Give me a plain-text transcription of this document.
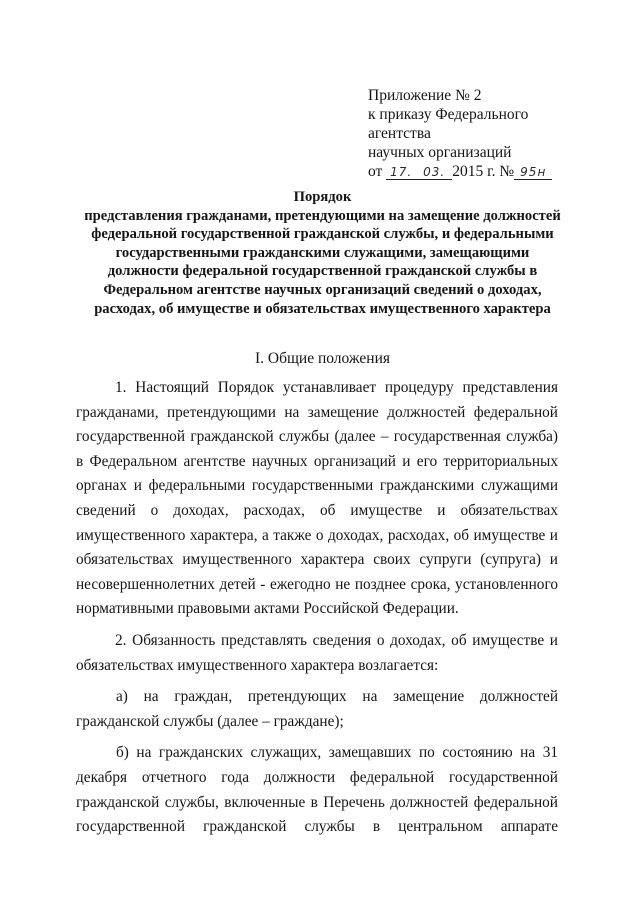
Приложение № 2
к приказу Федерального
агентства
научных организаций
от 17. 03. 2015 г. № 95н
Порядок
представления гражданами, претендующими на замещение должностей федеральной государственной гражданской службы, и федеральными государственными гражданскими служащими, замещающими должности федеральной государственной гражданской службы в Федеральном агентстве научных организаций сведений о доходах, расходах, об имуществе и обязательствах имущественного характера
I. Общие положения

1. Настоящий Порядок устанавливает процедуру представления гражданами, претендующими на замещение должностей федеральной государственной гражданской службы (далее – государственная служба) в Федеральном агентстве научных организаций и его территориальных органах и федеральными государственными гражданскими служащими сведений о доходах, расходах, об имуществе и обязательствах имущественного характера, а также о доходах, расходах, об имуществе и обязательствах имущественного характера своих супруги (супруга) и несовершеннолетних детей - ежегодно не позднее срока, установленного нормативными правовыми актами Российской Федерации.

2. Обязанность представлять сведения о доходах, об имуществе и обязательствах имущественного характера возлагается:

а) на граждан, претендующих на замещение должностей гражданской службы (далее – граждане);

б) на гражданских служащих, замещавших по состоянию на 31 декабря отчетного года должности федеральной государственной гражданской службы, включенные в Перечень должностей федеральной государственной гражданской службы в центральном аппарате
